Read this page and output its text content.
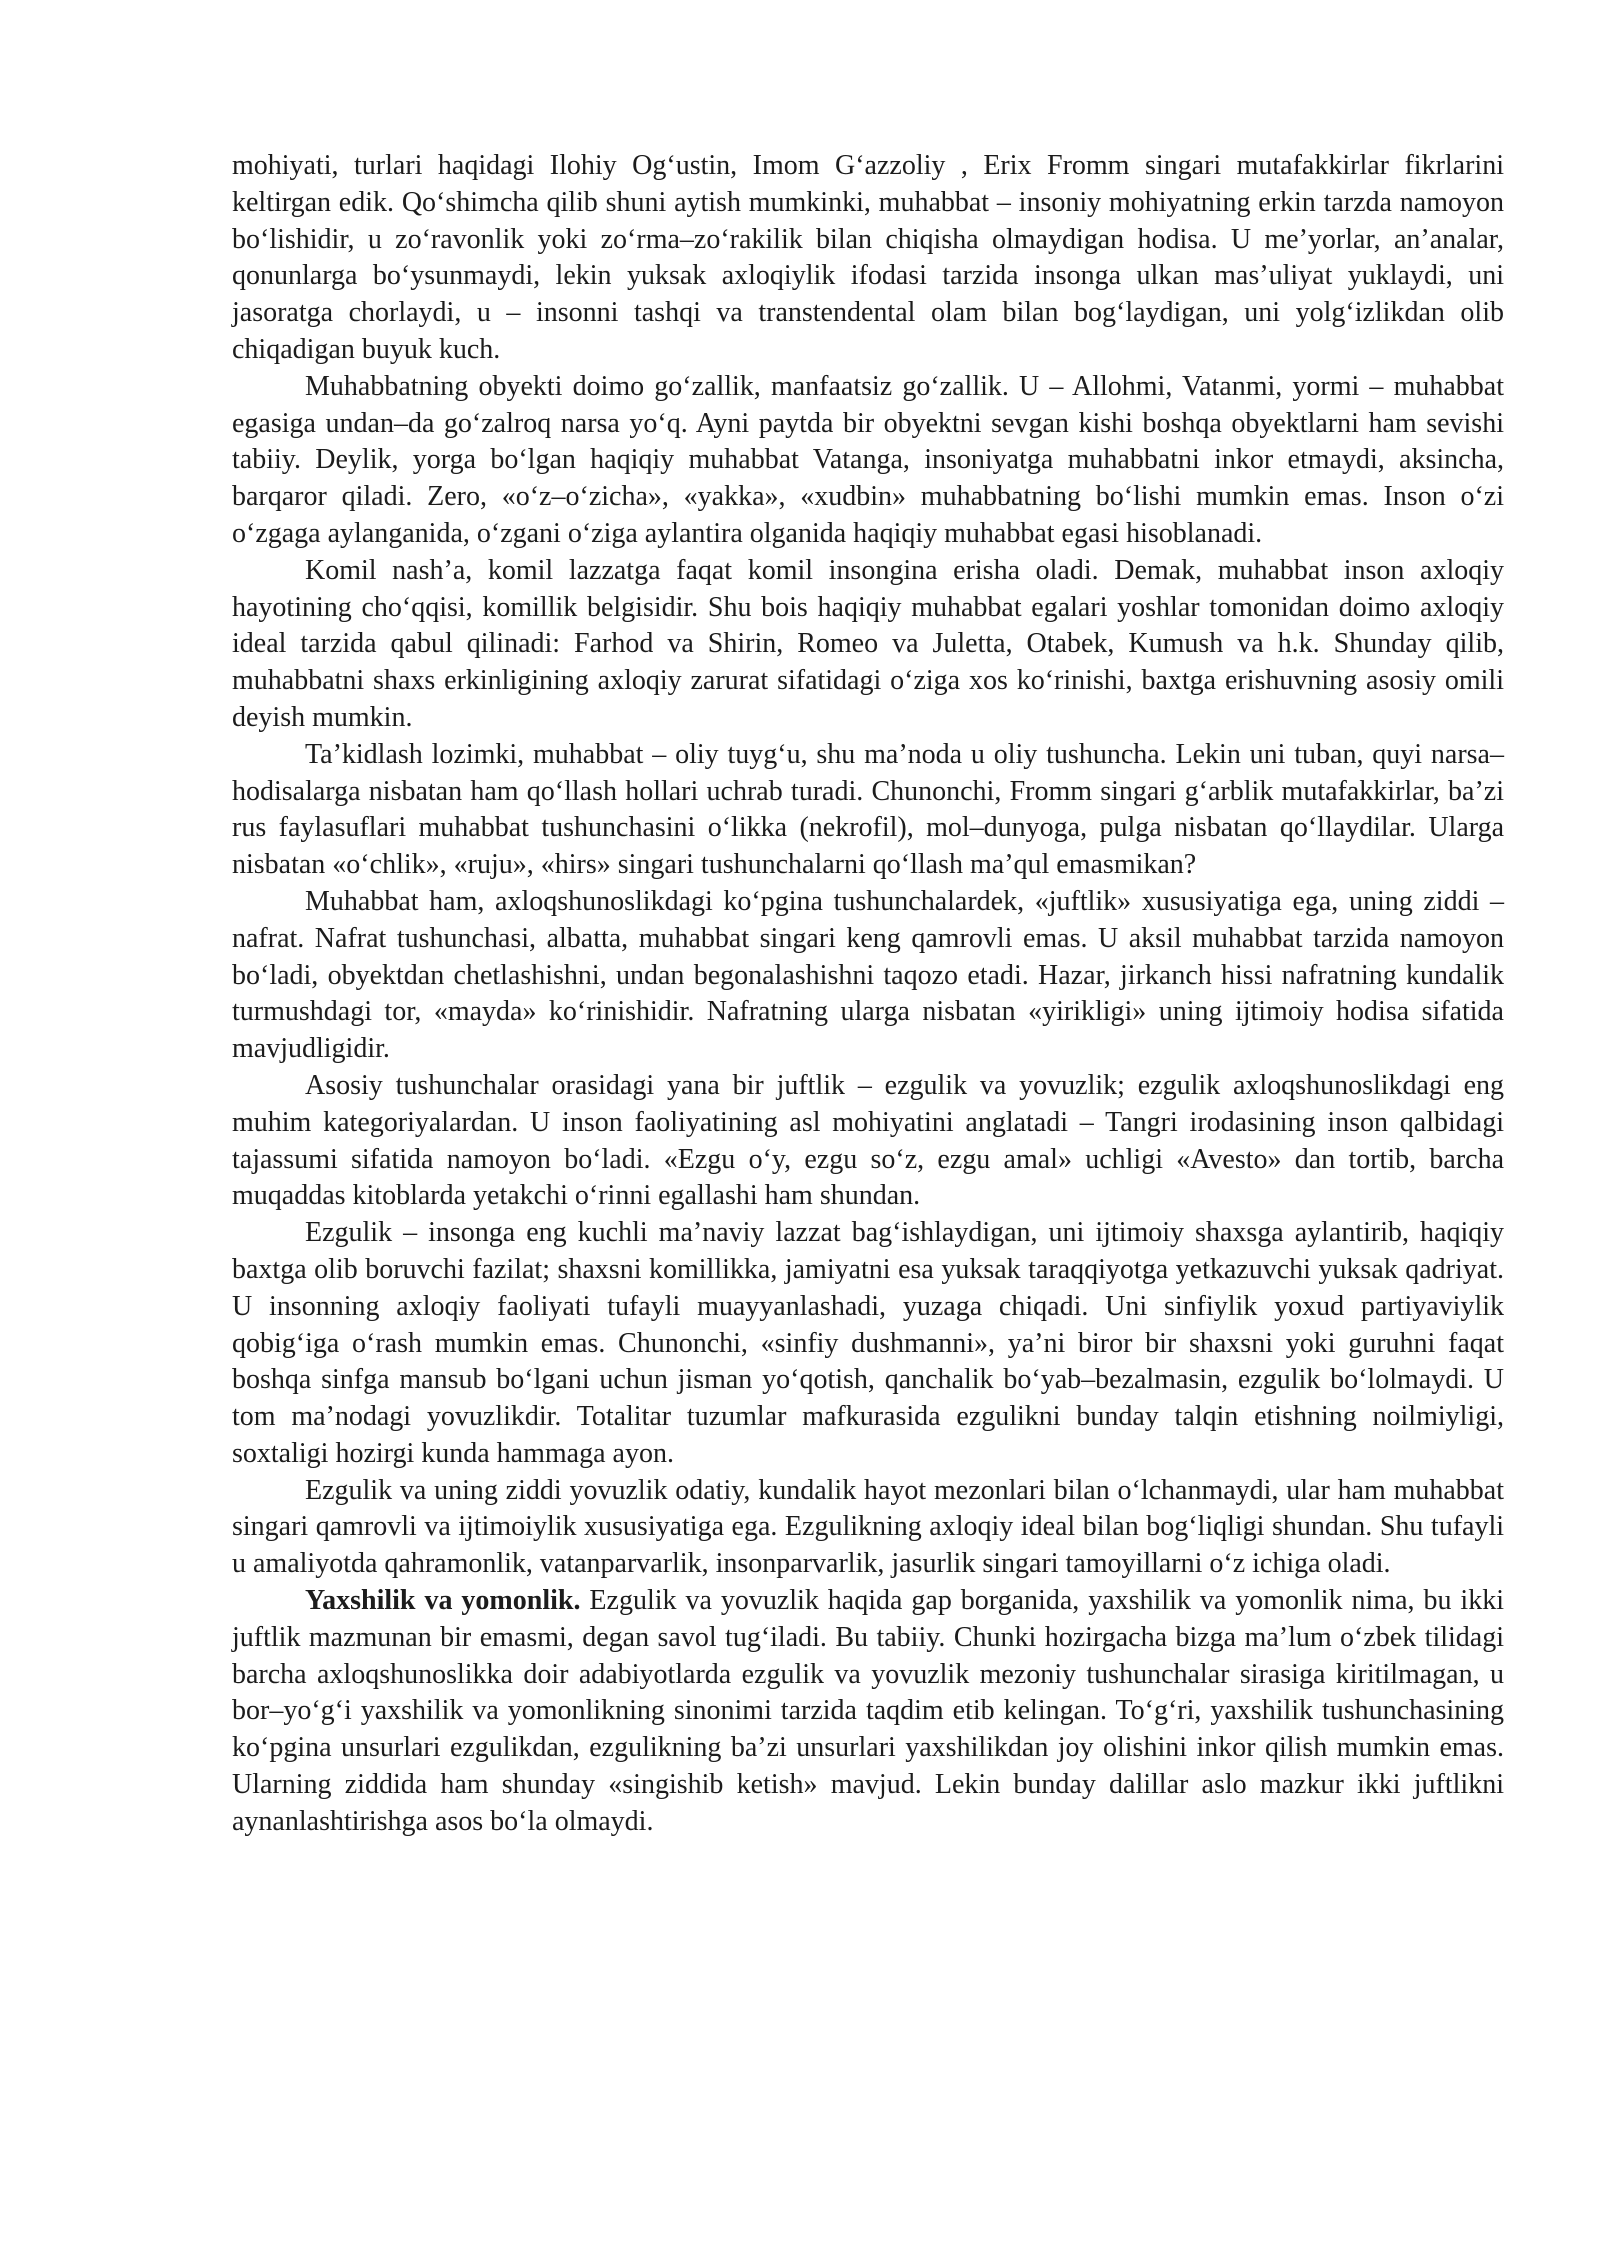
mohiyati, turlari haqidagi Ilohiy Og‘ustin, Imom G‘azzoliy , Erix Fromm singari mutafakkirlar fikrlarini keltirgan edik. Qo‘shimcha qilib shuni aytish mumkinki, muhabbat – insoniy mohiyatning erkin tarzda namoyon bo‘lishidir, u zo‘ravonlik yoki zo‘rma–zo‘rakilik bilan chiqisha olmaydigan hodisa. U me’yorlar, an’analar, qonunlarga bo‘ysunmaydi, lekin yuksak axloqiylik ifodasi tarzida insonga ulkan mas’uliyat yuklaydi, uni jasoratga chorlaydi, u – insonni tashqi va transtendental olam bilan bog‘laydigan, uni yolg‘izlikdan olib chiqadigan buyuk kuch.

Muhabbatning obyekti doimo go‘zallik, manfaatsiz go‘zallik. U – Allohmi, Vatanmi, yormi – muhabbat egasiga undan–da go‘zalroq narsa yo‘q. Ayni paytda bir obyektni sevgan kishi boshqa obyektlarni ham sevishi tabiiy. Deylik, yorga bo‘lgan haqiqiy muhabbat Vatanga, insoniyatga muhabbatni inkor etmaydi, aksincha, barqaror qiladi. Zero, «o‘z–o‘zicha», «yakka», «xudbin» muhabbatning bo‘lishi mumkin emas. Inson o‘zi o‘zgaga aylanganida, o‘zgani o‘ziga aylantira olganida haqiqiy muhabbat egasi hisoblanadi.

Komil nash’a, komil lazzatga faqat komil insongina erisha oladi. Demak, muhabbat inson axloqiy hayotining cho‘qqisi, komillik belgisidir. Shu bois haqiqiy muhabbat egalari yoshlar tomonidan doimo axloqiy ideal tarzida qabul qilinadi: Farhod va Shirin, Romeo va Juletta, Otabek, Kumush va h.k. Shunday qilib, muhabbatni shaxs erkinligining axloqiy zarurat sifatidagi o‘ziga xos ko‘rinishi, baxtga erishuvning asosiy omili deyish mumkin.

Ta’kidlash lozimki, muhabbat – oliy tuyg‘u, shu ma’noda u oliy tushuncha. Lekin uni tuban, quyi narsa–hodisalarga nisbatan ham qo‘llash hollari uchrab turadi. Chunonchi, Fromm singari g‘arblik mutafakkirlar, ba’zi rus faylasuflari muhabbat tushunchasini o‘likka (nekrofil), mol–dunyoga, pulga nisbatan qo‘llaydilar. Ularga nisbatan «o‘chlik», «ruju», «hirs» singari tushunchalarni qo‘llash ma’qul emasmikan?

Muhabbat ham, axloqshunoslikdagi ko‘pgina tushunchalardek, «juftlik» xususiyatiga ega, uning ziddi – nafrat. Nafrat tushunchasi, albatta, muhabbat singari keng qamrovli emas. U aksil muhabbat tarzida namoyon bo‘ladi, obyektdan chetlashishni, undan begonalashishni taqozo etadi. Hazar, jirkanch hissi nafratning kundalik turmushdagi tor, «mayda» ko‘rinishidir. Nafratning ularga nisbatan «yirikligi» uning ijtimoiy hodisa sifatida mavjudligidir.

Asosiy tushunchalar orasidagi yana bir juftlik – ezgulik va yovuzlik; ezgulik axloqshunoslikdagi eng muhim kategoriyalardan. U inson faoliyatining asl mohiyatini anglatadi – Tangri irodasining inson qalbidagi tajassumi sifatida namoyon bo‘ladi. «Ezgu o‘y, ezgu so‘z, ezgu amal» uchligi «Avesto» dan tortib, barcha muqaddas kitoblarda yetakchi o‘rinni egallashi ham shundan.

Ezgulik – insonga eng kuchli ma’naviy lazzat bag‘ishlaydigan, uni ijtimoiy shaxsga aylantirib, haqiqiy baxtga olib boruvchi fazilat; shaxsni komillikka, jamiyatni esa yuksak taraqqiyotga yetkazuvchi yuksak qadriyat. U insonning axloqiy faoliyati tufayli muayyanlashadi, yuzaga chiqadi. Uni sinfiylik yoxud partiyaviylik qobig‘iga o‘rash mumkin emas. Chunonchi, «sinfiy dushmanni», ya’ni biror bir shaxsni yoki guruhni faqat boshqa sinfga mansub bo‘lgani uchun jisman yo‘qotish, qanchalik bo‘yab–bezalmasin, ezgulik bo‘lolmaydi. U tom ma’nodagi yovuzlikdir. Totalitar tuzumlar mafkurasida ezgulikni bunday talqin etishning noilmiyligi, soxtaligi hozirgi kunda hammaga ayon.

Ezgulik va uning ziddi yovuzlik odatiy, kundalik hayot mezonlari bilan o‘lchanmaydi, ular ham muhabbat singari qamrovli va ijtimoiylik xususiyatiga ega. Ezgulikning axloqiy ideal bilan bog‘liqligi shundan. Shu tufayli u amaliyotda qahramonlik, vatanparvarlik, insonparvarlik, jasurlik singari tamoyillarni o‘z ichiga oladi.

Yaxshilik va yomonlik. Ezgulik va yovuzlik haqida gap borganida, yaxshilik va yomonlik nima, bu ikki juftlik mazmunan bir emasmi, degan savol tug‘iladi. Bu tabiiy. Chunki hozirgacha bizga ma’lum o‘zbek tilidagi barcha axloqshunoslikka doir adabiyotlarda ezgulik va yovuzlik mezoniy tushunchalar sirasiga kiritilmagan, u bor–yo‘g‘i yaxshilik va yomonlikning sinonimi tarzida taqdim etib kelingan. To‘g‘ri, yaxshilik tushunchasining ko‘pgina unsurlari ezgulikdan, ezgulikning ba’zi unsurlari yaxshilikdan joy olishini inkor qilish mumkin emas. Ularning ziddida ham shunday «singishib ketish» mavjud. Lekin bunday dalillar aslo mazkur ikki juftlikni aynanlashtirishga asos bo‘la olmaydi.
